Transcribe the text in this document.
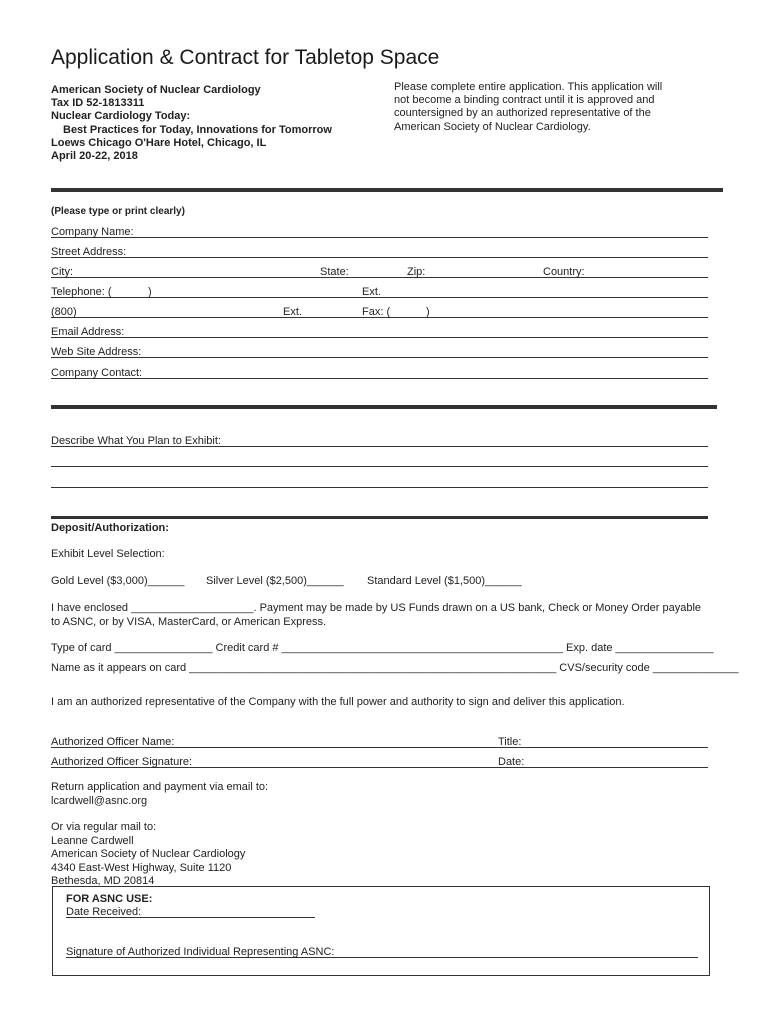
Application & Contract for Tabletop Space
American Society of Nuclear Cardiology
Tax ID 52-1813311
Nuclear Cardiology Today:
Best Practices for Today, Innovations for Tomorrow
Loews Chicago O'Hare Hotel, Chicago, IL
April 20-22, 2018
Please complete entire application. This application will not become a binding contract until it is approved and countersigned by an authorized representative of the American Society of Nuclear Cardiology.
(Please type or print clearly)
Company Name:
Street Address:
City:	State:	Zip:	Country:
Telephone: (	)	Ext.
(800)	Ext.	Fax: (	)
Email Address:
Web Site Address:
Company Contact:
Describe What You Plan to Exhibit:
Deposit/Authorization:
Exhibit Level Selection:
Gold Level ($3,000)______ Silver Level ($2,500)______ Standard Level ($1,500)______
I have enclosed ____________________. Payment may be made by US Funds drawn on a US bank, Check or Money Order payable
to ASNC, or by VISA, MasterCard, or American Express.
Type of card ________________ Credit card # ______________________________________________ Exp. date ________________
Name as it appears on card ____________________________________________________________ CVS/security code ______________
I am an authorized representative of the Company with the full power and authority to sign and deliver this application.
Authorized Officer Name:	Title:
Authorized Officer Signature:	Date:
Return application and payment via email to:
lcardwell@asnc.org
Or via regular mail to:
Leanne Cardwell
American Society of Nuclear Cardiology
4340 East-West Highway, Suite 1120
Bethesda, MD 20814
FOR ASNC USE:
Date Received:
Signature of Authorized Individual Representing ASNC:
